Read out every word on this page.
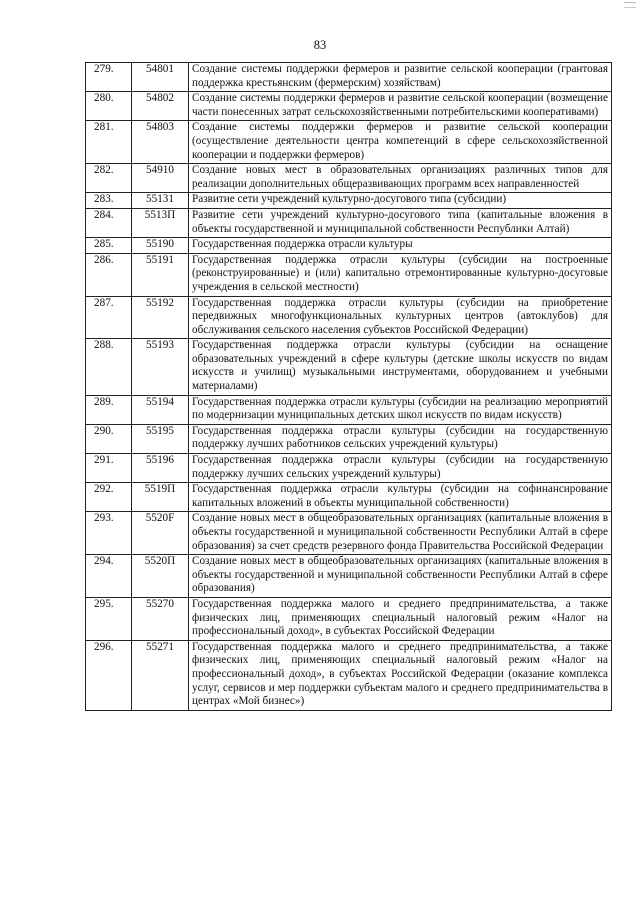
83
279.	54801	Создание системы поддержки фермеров и развитие сельской кооперации (грантовая поддержка крестьянским (фермерским) хозяйствам)
280.	54802	Создание системы поддержки фермеров и развитие сельской кооперации (возмещение части понесенных затрат сельскохозяйственными потребительскими кооперативами)
281.	54803	Создание системы поддержки фермеров и развитие сельской кооперации (осуществление деятельности центра компетенций в сфере сельскохозяйственной кооперации и поддержки фермеров)
282.	54910	Создание новых мест в образовательных организациях различных типов для реализации дополнительных общеразвивающих программ всех направленностей
283.	55131	Развитие сети учреждений культурно-досугового типа (субсидии)
284.	5513П	Развитие сети учреждений культурно-досугового типа (капитальные вложения в объекты государственной и муниципальной собственности Республики Алтай)
285.	55190	Государственная поддержка отрасли культуры
286.	55191	Государственная поддержка отрасли культуры (субсидии на построенные (реконструированные) и (или) капитально отремонтированные культурно-досуговые учреждения в сельской местности)
287.	55192	Государственная поддержка отрасли культуры (субсидии на приобретение передвижных многофункциональных культурных центров (автоклубов) для обслуживания сельского населения субъектов Российской Федерации)
288.	55193	Государственная поддержка отрасли культуры (субсидии на оснащение образовательных учреждений в сфере культуры (детские школы искусств по видам искусств и училищ) музыкальными инструментами, оборудованием и учебными материалами)
289.	55194	Государственная поддержка отрасли культуры (субсидии на реализацию мероприятий по модернизации муниципальных детских школ искусств по видам искусств)
290.	55195	Государственная поддержка отрасли культуры (субсидии на государственную поддержку лучших работников сельских учреждений культуры)
291.	55196	Государственная поддержка отрасли культуры (субсидии на государственную поддержку лучших сельских учреждений культуры)
292.	5519П	Государственная поддержка отрасли культуры (субсидии на софинансирование капитальных вложений в объекты муниципальной собственности)
293.	5520F	Создание новых мест в общеобразовательных организациях (капитальные вложения в объекты государственной и муниципальной собственности Республики Алтай в сфере образования) за счет средств резервного фонда Правительства Российской Федерации
294.	5520П	Создание новых мест в общеобразовательных организациях (капитальные вложения в объекты государственной и муниципальной собственности Республики Алтай в сфере образования)
295.	55270	Государственная поддержка малого и среднего предпринимательства, а также физических лиц, применяющих специальный налоговый режим «Налог на профессиональный доход», в субъектах Российской Федерации
296.	55271	Государственная поддержка малого и среднего предпринимательства, а также физических лиц, применяющих специальный налоговый режим «Налог на профессиональный доход», в субъектах Российской Федерации (оказание комплекса услуг, сервисов и мер поддержки субъектам малого и среднего предпринимательства в центрах «Мой бизнес»)
